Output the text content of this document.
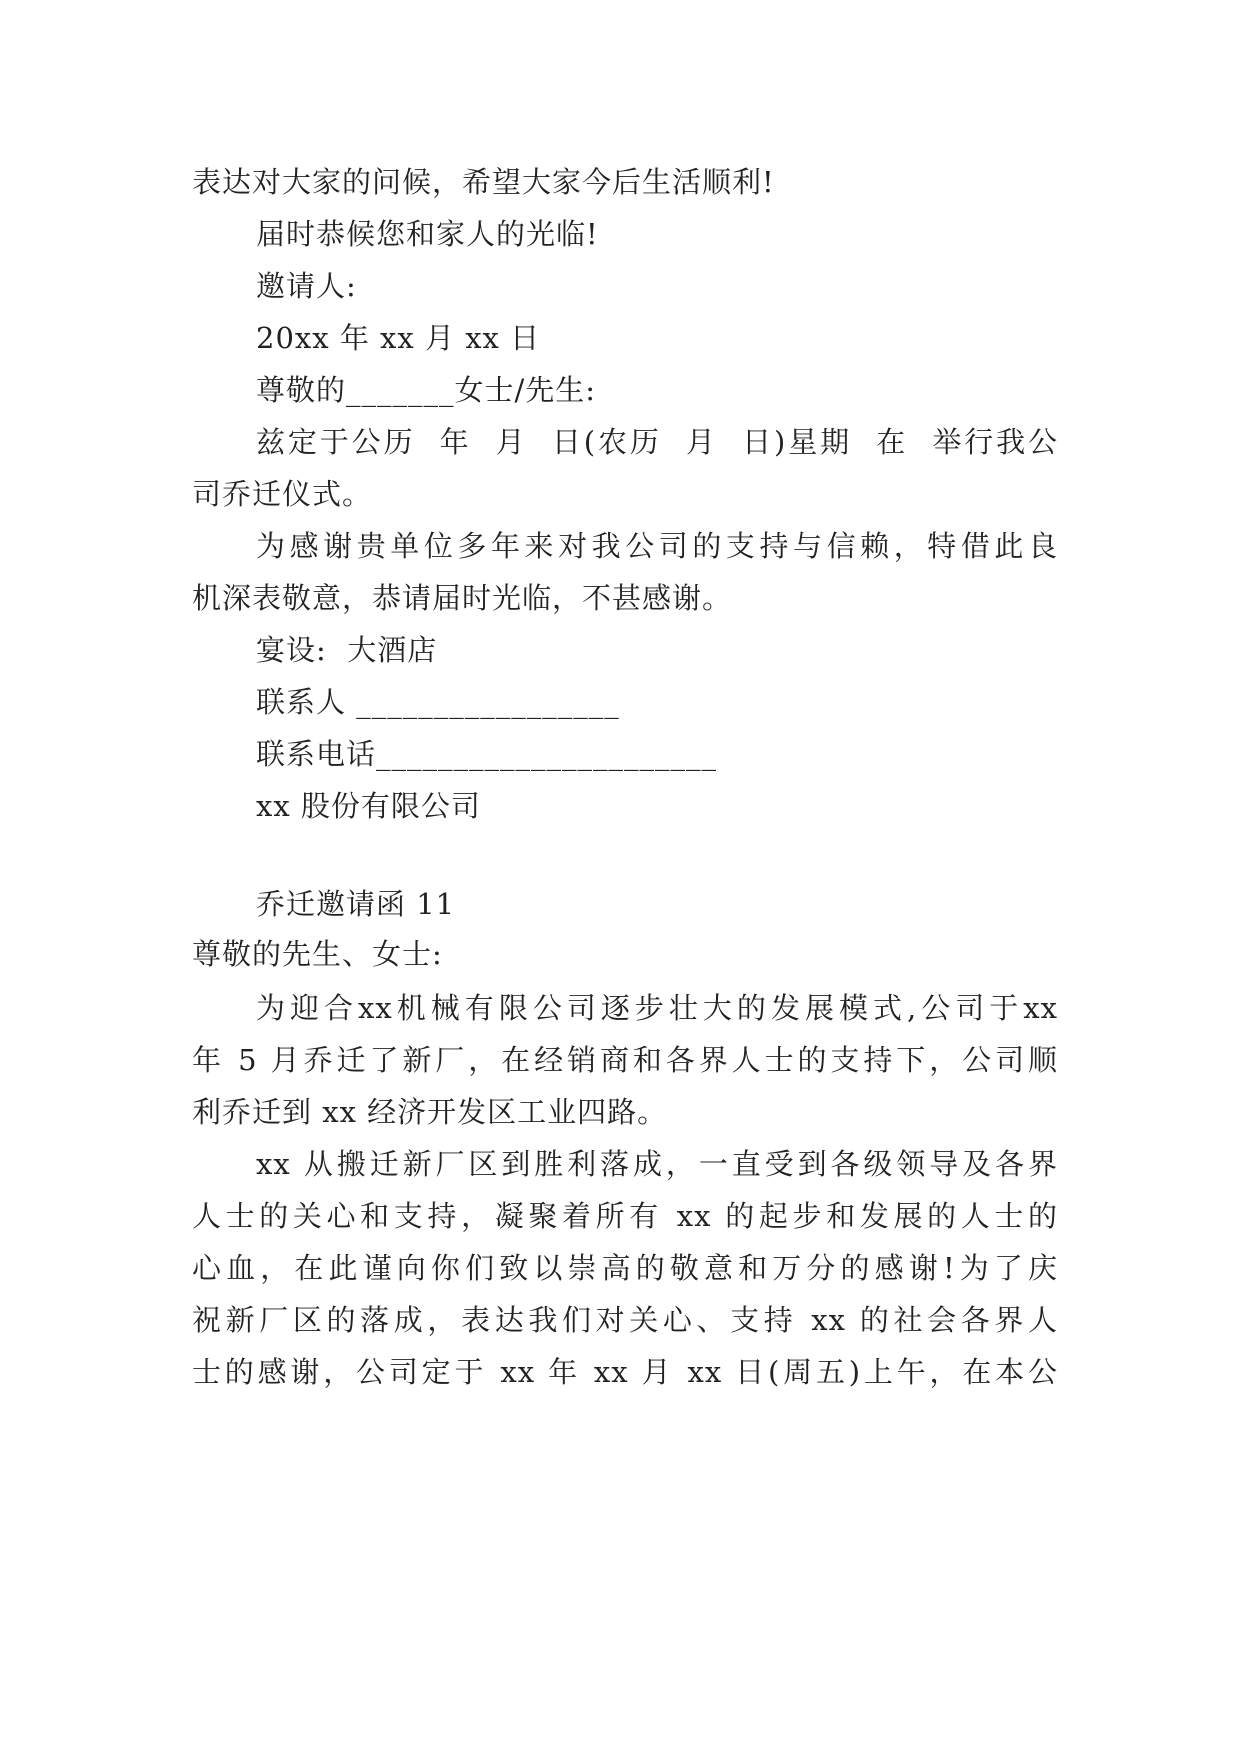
表达对大家的问候，希望大家今后生活顺利!
届时恭候您和家人的光临!
邀请人:
20xx 年 xx 月 xx 日
尊敬的_______女士/先生:
兹定于公历  年  月  日(农历  月  日)星期  在  举行我公
司乔迁仪式。
为感谢贵单位多年来对我公司的支持与信赖，特借此良
机深表敬意，恭请届时光临，不甚感谢。
宴设:  大酒店
联系人 _________________
联系电话______________________
xx 股份有限公司
乔迁邀请函 11
尊敬的先生、女士:
为迎合xx机械有限公司逐步壮大的发展模式,公司于xx
年 5 月乔迁了新厂，在经销商和各界人士的支持下，公司顺
利乔迁到 xx 经济开发区工业四路。
xx 从搬迁新厂区到胜利落成，一直受到各级领导及各界
人士的关心和支持，凝聚着所有 xx 的起步和发展的人士的
心血，在此谨向你们致以崇高的敬意和万分的感谢!为了庆
祝新厂区的落成，表达我们对关心、支持 xx 的社会各界人
士的感谢，公司定于 xx 年 xx 月 xx 日(周五)上午，在本公
